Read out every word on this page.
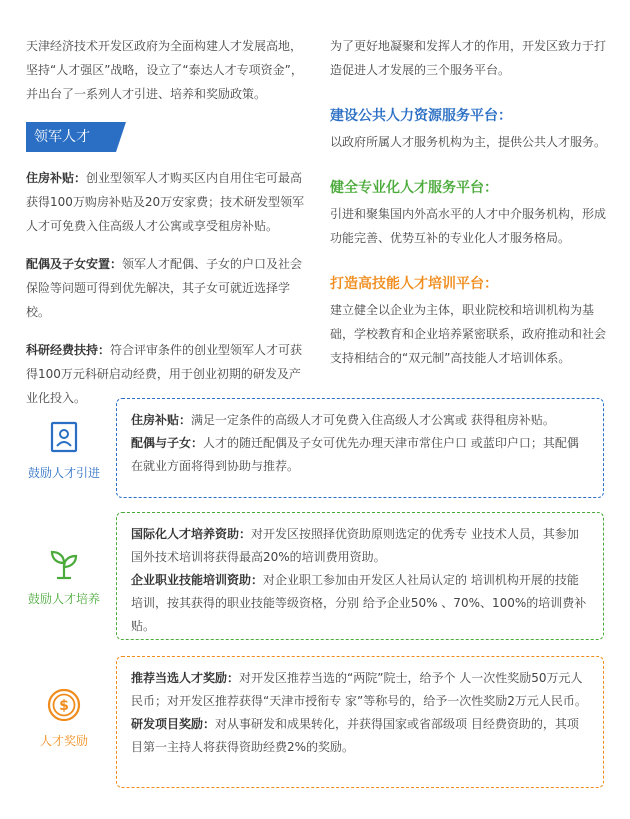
天津经济技术开发区政府为全面构建人才发展高地，坚持“人才强区”战略，设立了“泰达人才专项资金”，并出台了一系列人才引进、培养和奖励政策。

领军人才

住房补贴：创业型领军人才购买区内自用住宅可最高获得100万购房补贴及20万安家费；技术研发型领军人才可免费入住高级人才公寓或享受租房补贴。

配偶及子女安置：领军人才配偶、子女的户口及社会保险等问题可得到优先解决，其子女可就近选择学校。

科研经费扶持：符合评审条件的创业型领军人才可获得100万元科研启动经费，用于创业初期的研发及产业化投入。

为了更好地凝聚和发挥人才的作用，开发区致力于打造促进人才发展的三个服务平台。

建设公共人力资源服务平台：

以政府所属人才服务机构为主，提供公共人才服务。

健全专业化人才服务平台：

引进和聚集国内外高水平的人才中介服务机构，形成功能完善、优势互补的专业化人才服务格局。

打造高技能人才培训平台：

建立健全以企业为主体，职业院校和培训机构为基础，学校教育和企业培养紧密联系，政府推动和社会支持相结合的“双元制”高技能人才培训体系。

鼓励人才引进

住房补贴：满足一定条件的高级人才可免费入住高级人才公寓或 获得租房补贴。

配偶与子女：人才的随迁配偶及子女可优先办理天津市常住户口 或蓝印户口；其配偶在就业方面将得到协助与推荐。

鼓励人才培养

国际化人才培养资助：对开发区按照择优资助原则选定的优秀专 业技术人员，其参加国外技术培训将获得最高20%的培训费用资助。

企业职业技能培训资助：对企业职工参加由开发区人社局认定的 培训机构开展的技能培训，按其获得的职业技能等级资格，分别 给予企业50% 、70%、100%的培训费补贴。

$
人才奖励

推荐当选人才奖励：对开发区推荐当选的“两院”院士，给予个 人一次性奖励50万元人民币；对开发区推荐获得“天津市授衔专 家”等称号的，给予一次性奖励2万元人民币。

研发项目奖励：对从事研发和成果转化，并获得国家或省部级项 目经费资助的，其项目第一主持人将获得资助经费2%的奖励。
